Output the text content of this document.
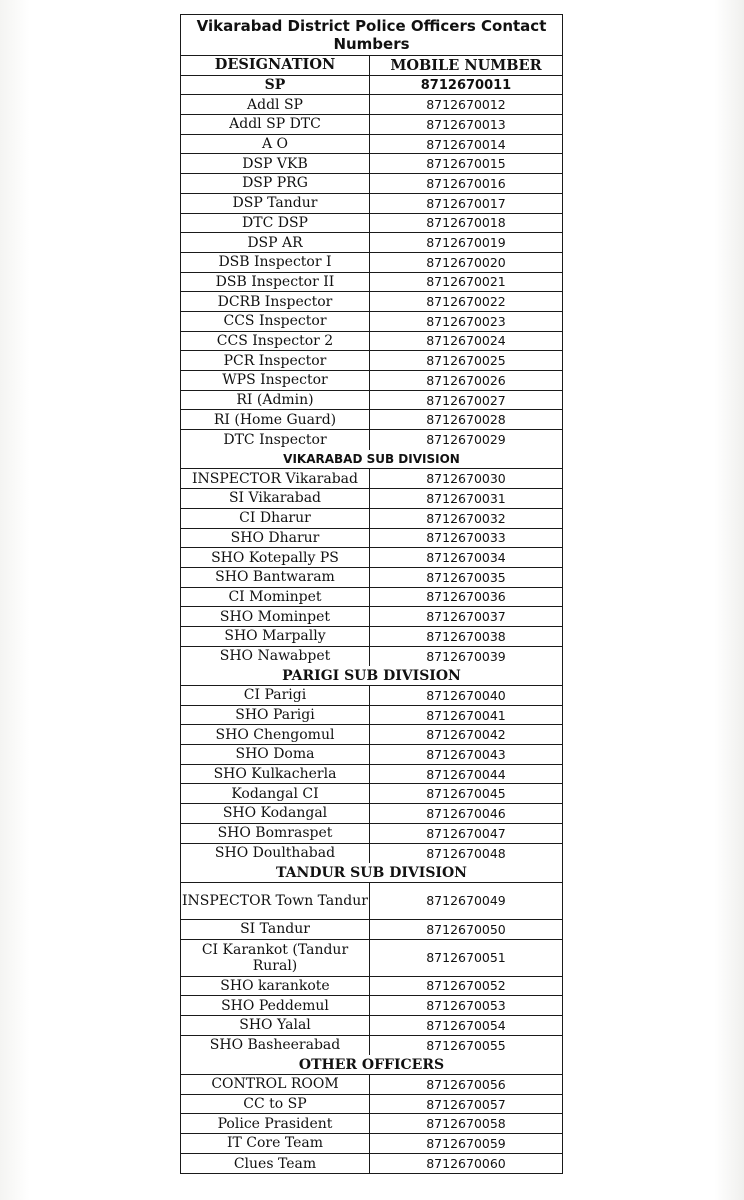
Vikarabad District Police Officers Contact Numbers
DESIGNATION	MOBILE NUMBER
SP	8712670011
Addl SP	8712670012
Addl SP DTC	8712670013
A O	8712670014
DSP VKB	8712670015
DSP PRG	8712670016
DSP Tandur	8712670017
DTC DSP	8712670018
DSP AR	8712670019
DSB Inspector I	8712670020
DSB Inspector II	8712670021
DCRB Inspector	8712670022
CCS Inspector	8712670023
CCS Inspector 2	8712670024
PCR Inspector	8712670025
WPS Inspector	8712670026
RI (Admin)	8712670027
RI (Home Guard)	8712670028
DTC Inspector	8712670029
VIKARABAD SUB DIVISION
INSPECTOR Vikarabad	8712670030
SI Vikarabad	8712670031
CI Dharur	8712670032
SHO Dharur	8712670033
SHO Kotepally PS	8712670034
SHO Bantwaram	8712670035
CI Mominpet	8712670036
SHO Mominpet	8712670037
SHO Marpally	8712670038
SHO Nawabpet	8712670039
PARIGI SUB DIVISION
CI Parigi	8712670040
SHO Parigi	8712670041
SHO Chengomul	8712670042
SHO Doma	8712670043
SHO Kulkacherla	8712670044
Kodangal CI	8712670045
SHO Kodangal	8712670046
SHO Bomraspet	8712670047
SHO Doulthabad	8712670048
TANDUR SUB DIVISION
INSPECTOR Town Tandur	8712670049
SI Tandur	8712670050
CI Karankot (Tandur Rural)	8712670051
SHO karankote	8712670052
SHO Peddemul	8712670053
SHO Yalal	8712670054
SHO Basheerabad	8712670055
OTHER OFFICERS
CONTROL ROOM	8712670056
CC to SP	8712670057
Police Prasident	8712670058
IT Core Team	8712670059
Clues Team	8712670060
